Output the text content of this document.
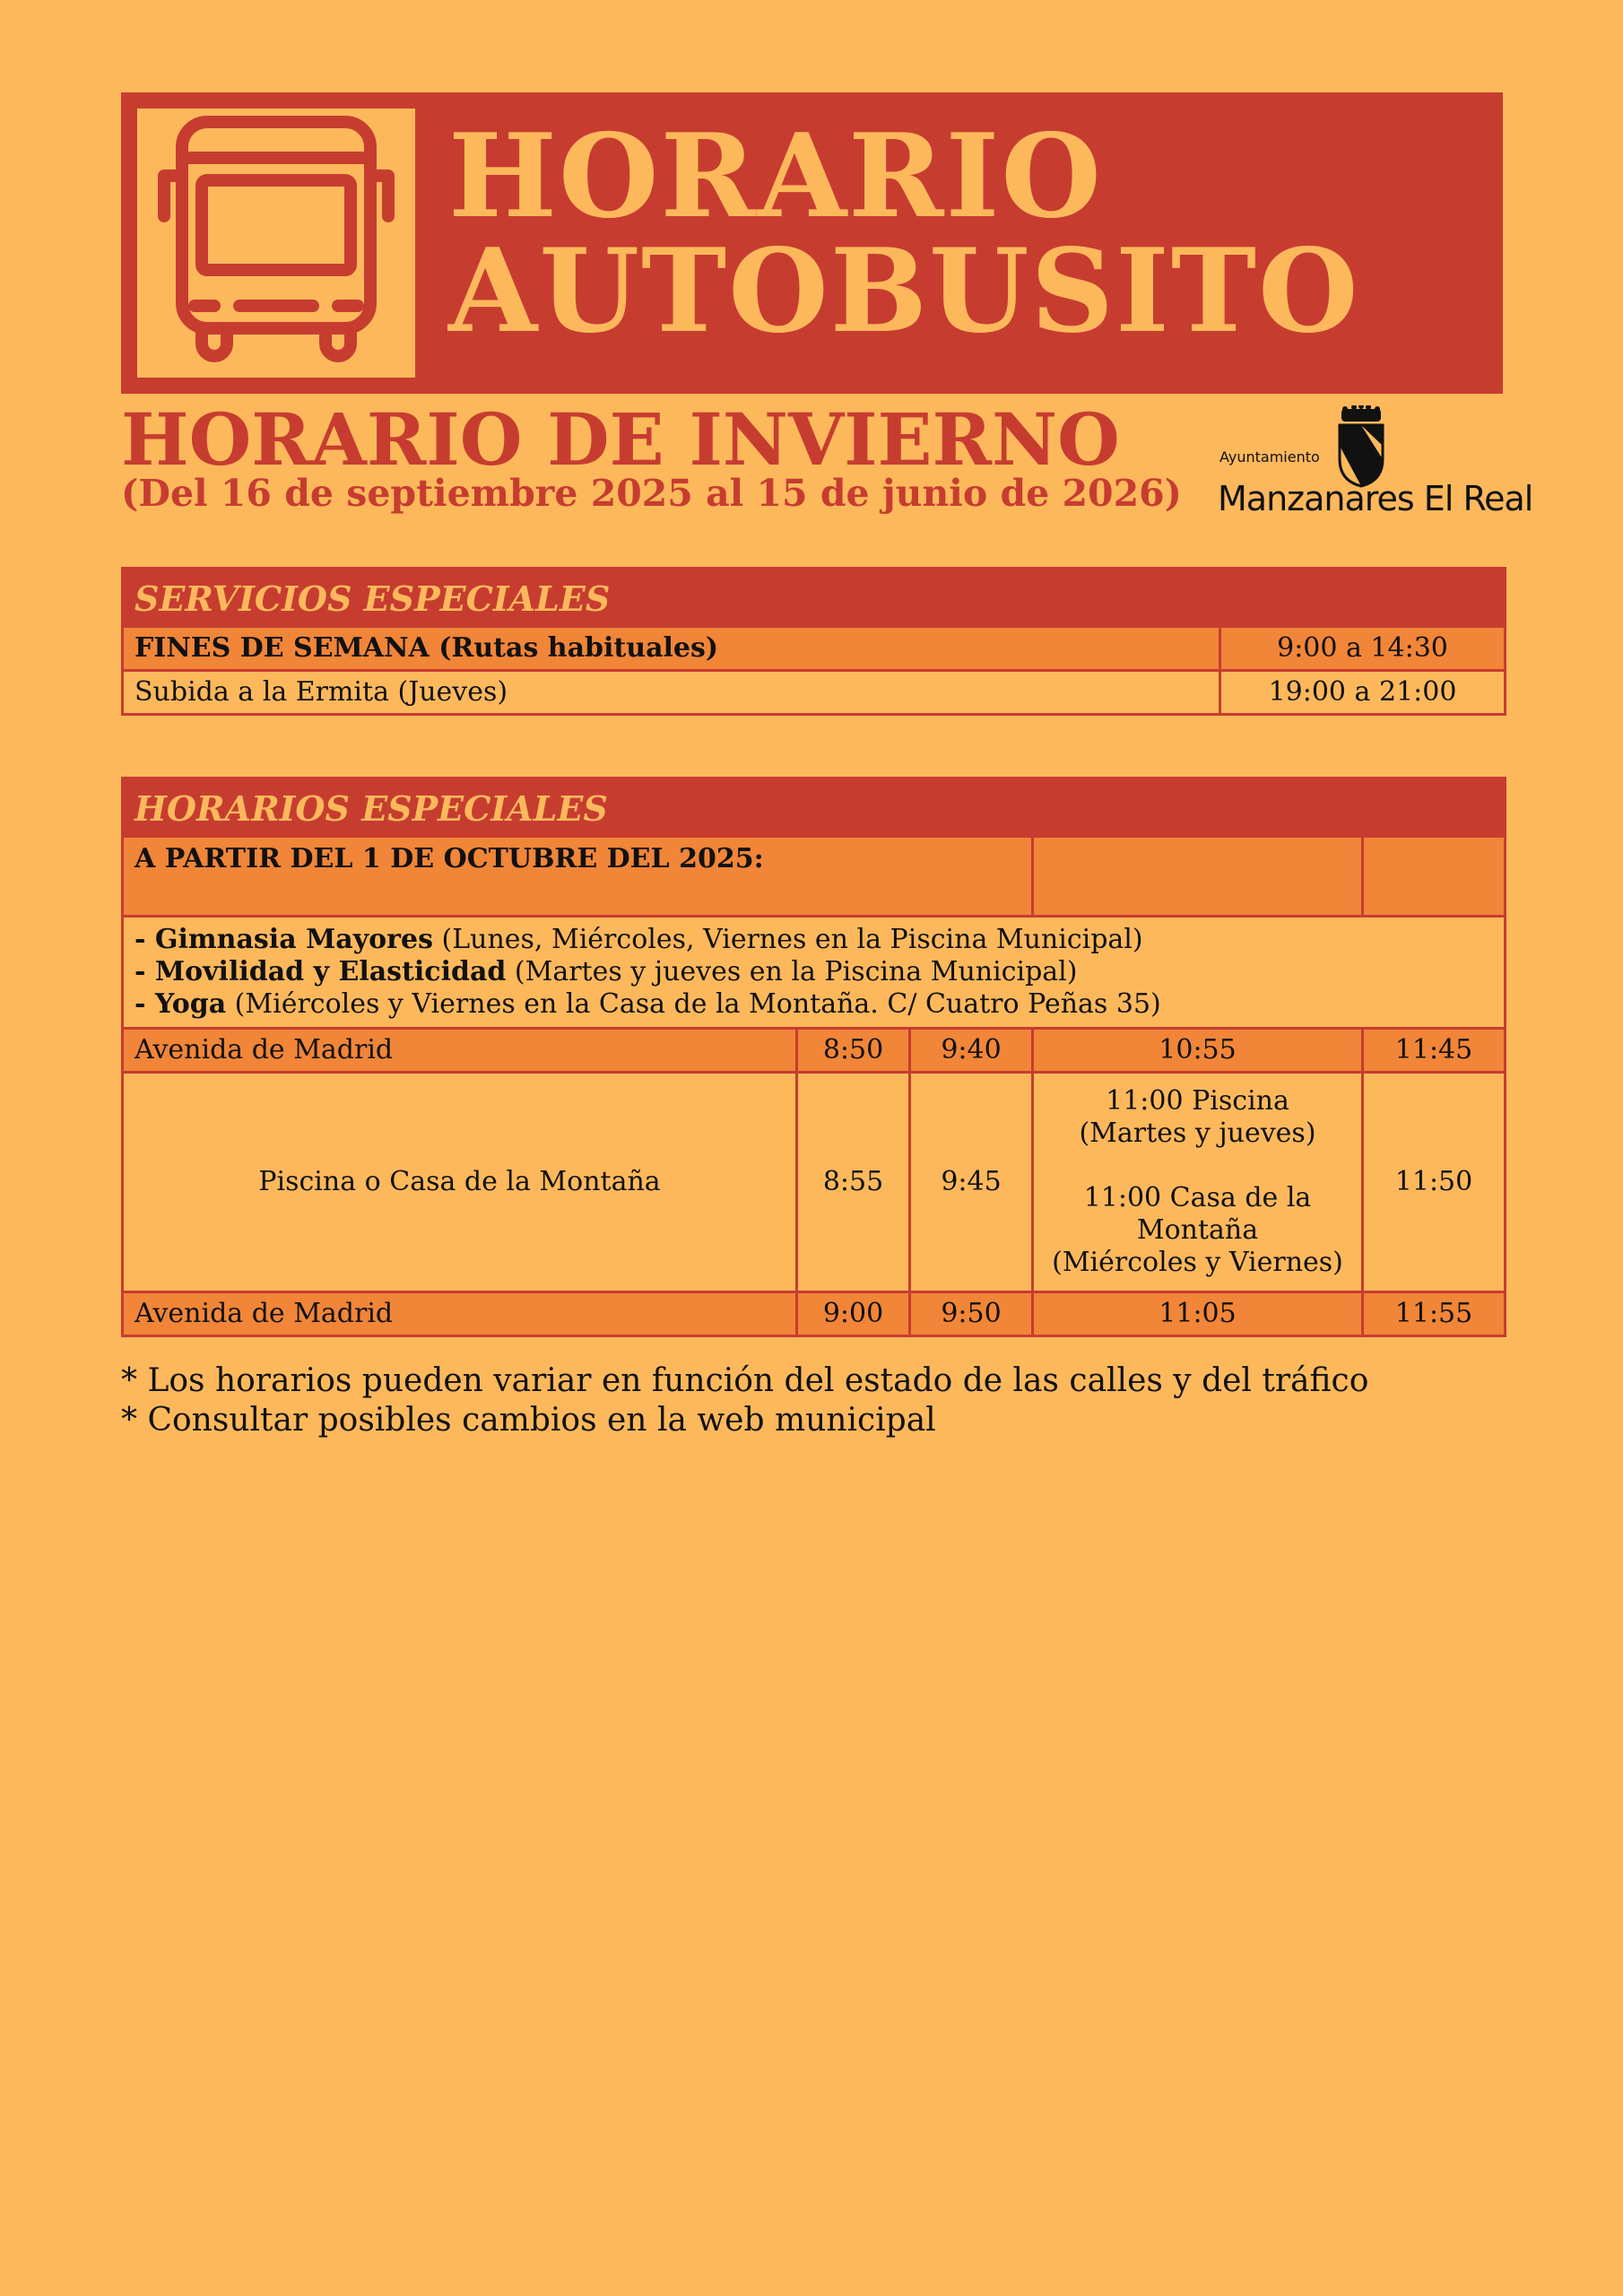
HORARIO
AUTOBUSITO
HORARIO DE INVIERNO
(Del 16 de septiembre 2025 al 15 de junio de 2026)
Ayuntamiento
Manzanares El Real
SERVICIOS ESPECIALES	
FINES DE SEMANA (Rutas habituales)	9:00 a 14:30
Subida a la Ermita (Jueves)	19:00 a 21:00
HORARIOS ESPECIALES				
A PARTIR DEL 1 DE OCTUBRE DEL 2025:				

- Gimnasia Mayores (Lunes, Miércoles, Viernes en la Piscina Municipal)
- Movilidad y Elasticidad (Martes y jueves en la Piscina Municipal)
- Yoga (Miércoles y Viernes en la Casa de la Montaña. C/ Cuatro Peñas 35)				

Avenida de Madrid	8:50	9:40	10:55	11:45
Piscina o Casa de la Montaña	8:55	9:45	11:00 Piscina
(Martes y jueves)
11:00 Casa de la
Montaña
(Miércoles y Viernes)	11:50
Avenida de Madrid	9:00	9:50	11:05	11:55
* Los horarios pueden variar en función del estado de las calles y del tráfico
* Consultar posibles cambios en la web municipal
